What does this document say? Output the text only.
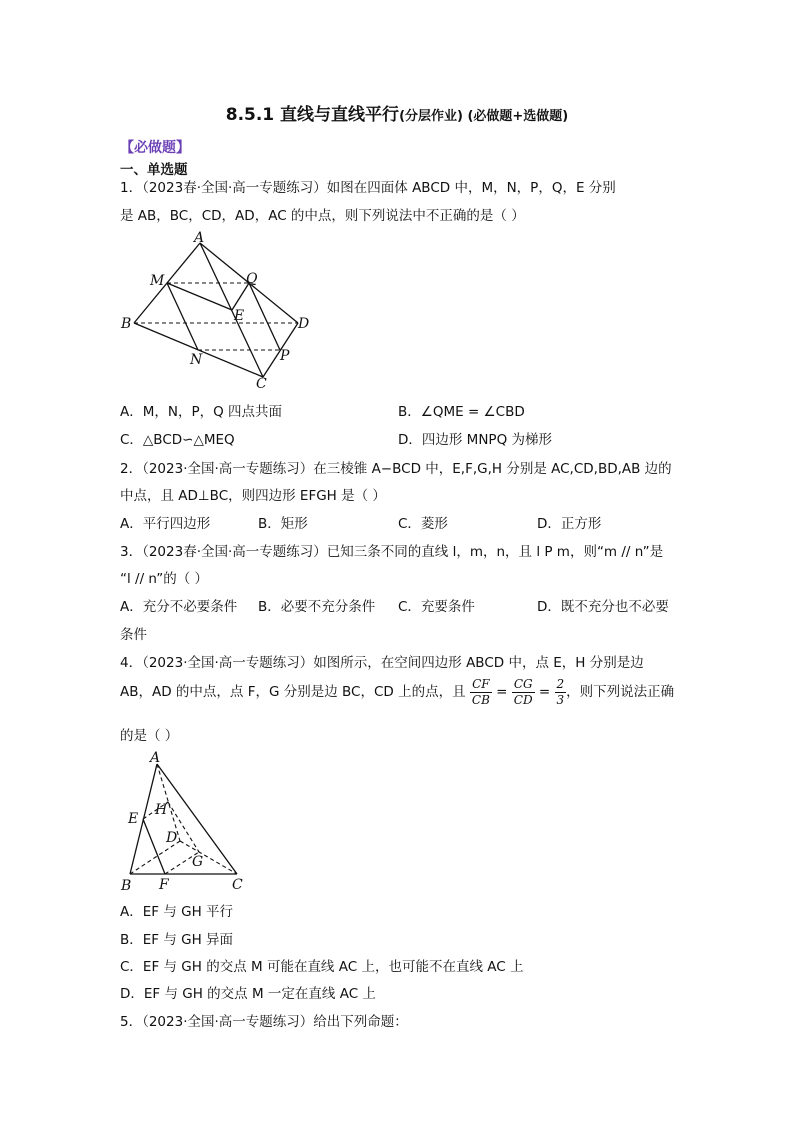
8.5.1 直线与直线平行(分层作业) (必做题+选做题)
【必做题】
一、单选题
1．（2023春·全国·高一专题练习）如图在四面体 ABCD 中，M，N，P，Q，E 分别
是 AB，BC，CD，AD，AC 的中点，则下列说法中不正确的是（ ）
A
M	Q
B	E	D
N	P
C
A．M，N，P，Q 四点共面	B．∠QME = ∠CBD
C．△BCD∽△MEQ	D．四边形 MNPQ 为梯形
2．（2023·全国·高一专题练习）在三棱锥 A−BCD 中，E,F,G,H 分别是 AC,CD,BD,AB 边的
中点，且 AD⊥BC，则四边形 EFGH 是（ ）
A．平行四边形	B．矩形	C．菱形	D．正方形
3．（2023春·全国·高一专题练习）已知三条不同的直线 l，m，n，且 l P m，则“m // n”是
“l // n”的（ ）
A．充分不必要条件 B．必要不充分条件 C．充要条件	D．既不充分也不必要
条件
4．（2023·全国·高一专题练习）如图所示，在空间四边形 ABCD 中，点 E，H 分别是边
AB，AD 的中点，点 F，G 分别是边 BC，CD 上的点，且 $\frac{CF}{CB} = \frac{CG}{CD} = \frac{2}{3}$ ，则下列说法正确
的是（ ）
A
H
E
D
G
B F	C
A．EF 与 GH 平行
B．EF 与 GH 异面
C．EF 与 GH 的交点 M 可能在直线 AC 上，也可能不在直线 AC 上
D．EF 与 GH 的交点 M 一定在直线 AC 上
5．（2023·全国·高一专题练习）给出下列命题：
